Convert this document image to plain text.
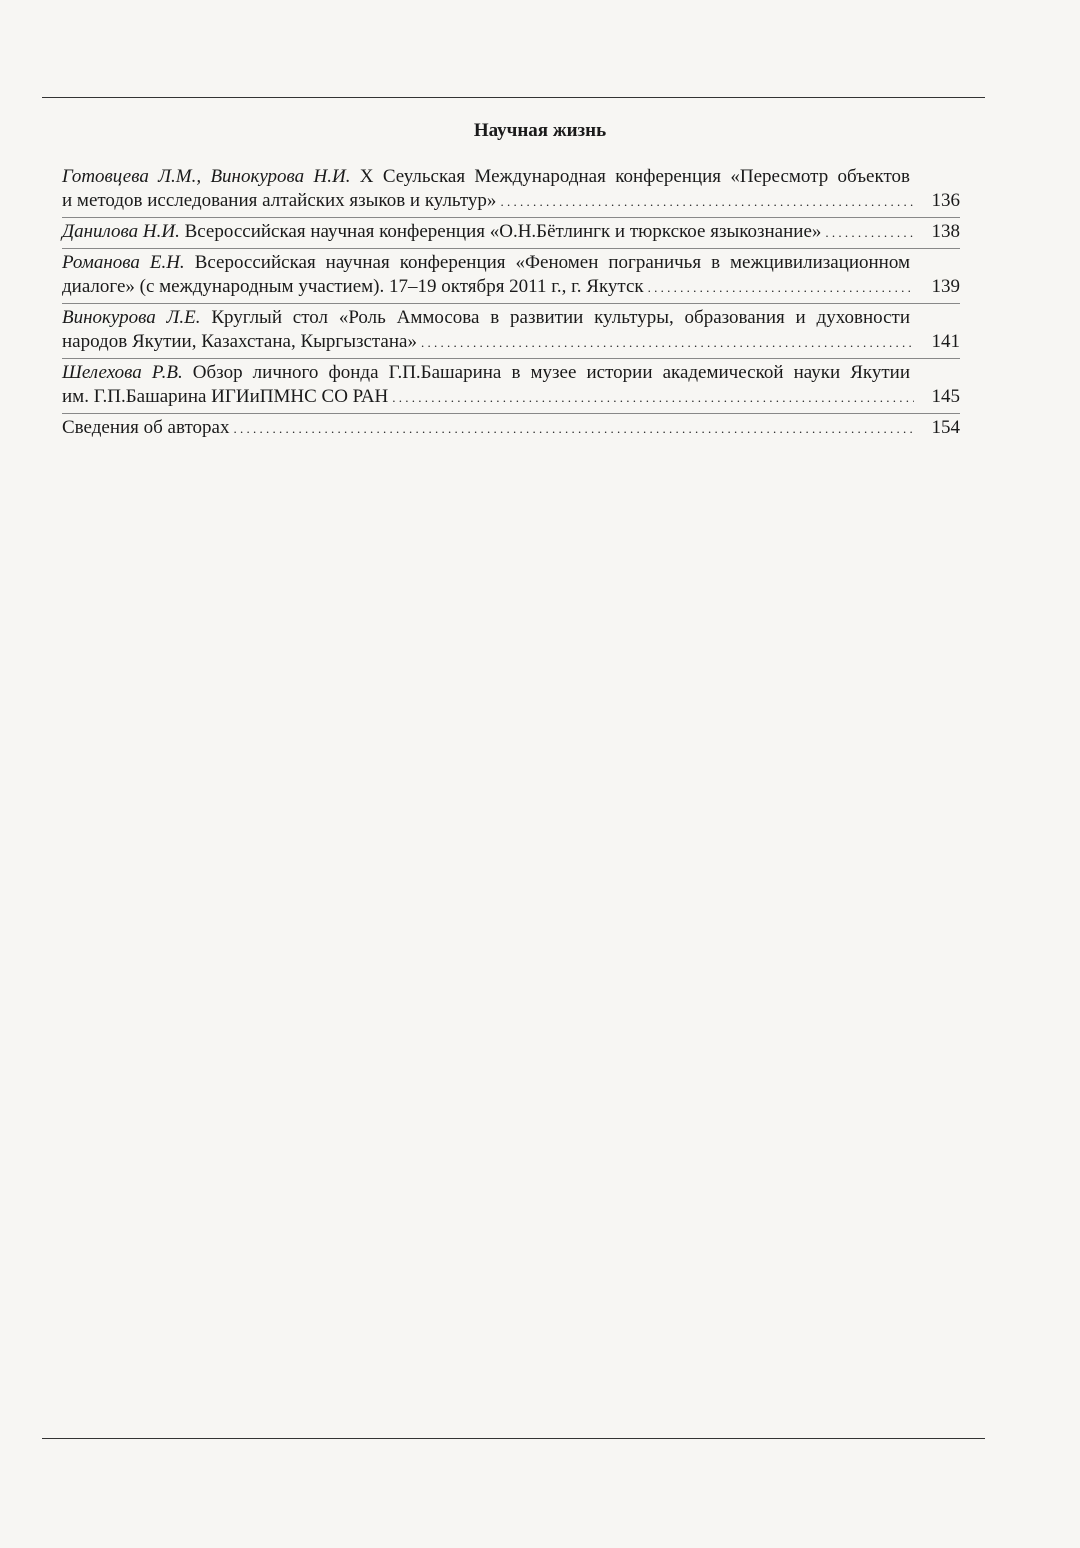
Научная жизнь
Готовцева Л.М., Винокурова Н.И. Х Сеульская Международная конференция «Пересмотр объектов
и методов исследования алтайских языков и культур» . . .	136
Данилова Н.И.
Всероссийская научная конференция «О.Н.Бётлингк и тюркское языкознание» . . .	138
Романова Е.Н. Всероссийская научная конференция «Феномен пограничья в межцивилизационном
диалоге» (с международным участием). 17–19 октября 2011 г., г. Якутск . . .	139
Винокурова Л.Е. Круглый стол «Роль Аммосова в развитии культуры, образования и духовности
народов Якутии, Казахстана, Кыргызстана» . . .	141
Шелехова Р.В. Обзор личного фонда Г.П.Башарина в музее истории академической науки Якутии
им. Г.П.Башарина ИГИиПМНС СО РАН . . .	145
Сведения об авторах . . .	154
